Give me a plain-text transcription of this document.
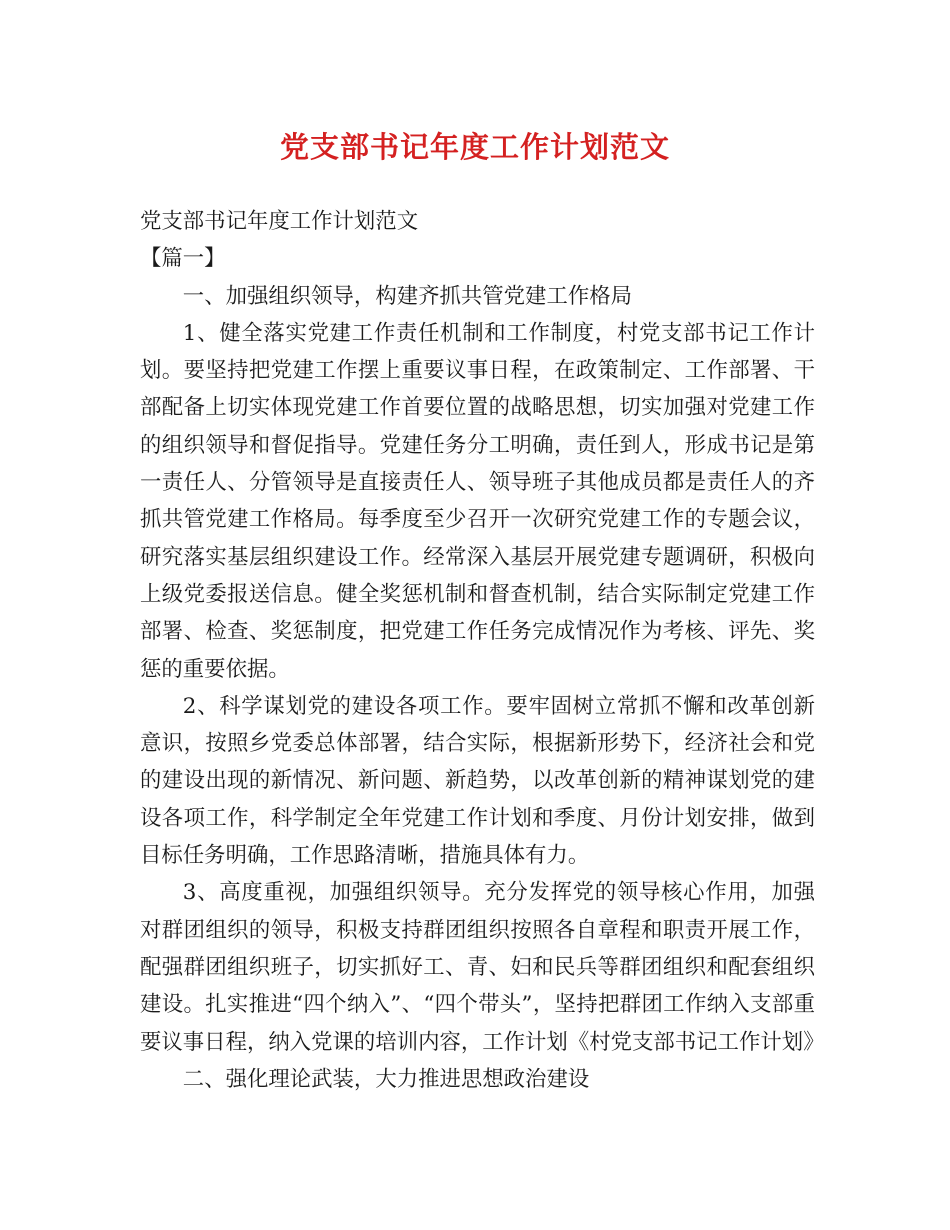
党支部书记年度工作计划范文

党支部书记年度工作计划范文

【篇一】

一、加强组织领导，构建齐抓共管党建工作格局

1、健全落实党建工作责任机制和工作制度，村党支部书记工作计划。要坚持把党建工作摆上重要议事日程，在政策制定、工作部署、干部配备上切实体现党建工作首要位置的战略思想，切实加强对党建工作的组织领导和督促指导。党建任务分工明确，责任到人，形成书记是第一责任人、分管领导是直接责任人、领导班子其他成员都是责任人的齐抓共管党建工作格局。每季度至少召开一次研究党建工作的专题会议，研究落实基层组织建设工作。经常深入基层开展党建专题调研，积极向上级党委报送信息。健全奖惩机制和督查机制，结合实际制定党建工作部署、检查、奖惩制度，把党建工作任务完成情况作为考核、评先、奖惩的重要依据。

2、科学谋划党的建设各项工作。要牢固树立常抓不懈和改革创新意识，按照乡党委总体部署，结合实际，根据新形势下，经济社会和党的建设出现的新情况、新问题、新趋势，以改革创新的精神谋划党的建设各项工作，科学制定全年党建工作计划和季度、月份计划安排，做到目标任务明确，工作思路清晰，措施具体有力。

3、高度重视，加强组织领导。充分发挥党的领导核心作用，加强对群团组织的领导，积极支持群团组织按照各自章程和职责开展工作，配强群团组织班子，切实抓好工、青、妇和民兵等群团组织和配套组织建设。扎实推进“四个纳入”、“四个带头”，坚持把群团工作纳入支部重要议事日程，纳入党课的培训内容，工作计划《村党支部书记工作计划》

二、强化理论武装，大力推进思想政治建设
